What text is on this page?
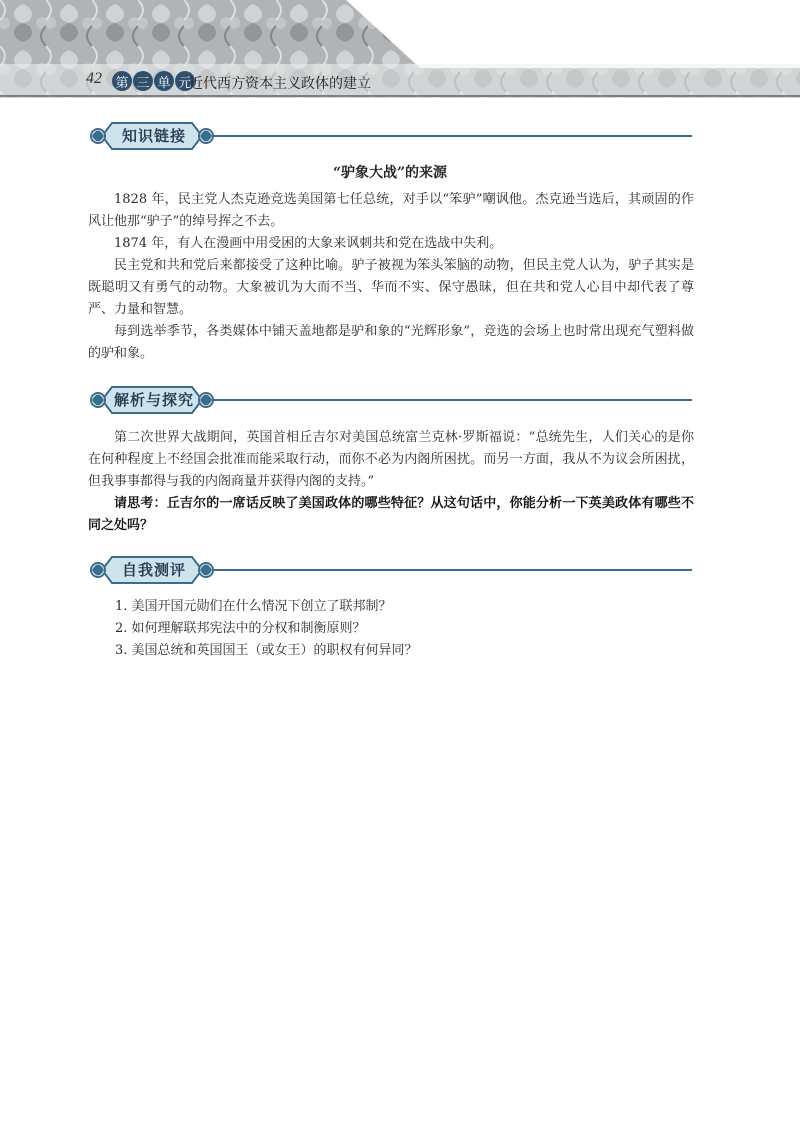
42 第 三 单 元
近代西方资本主义政体的建立
知识链接
“驴象大战”的来源

1828 年，民主党人杰克逊竞选美国第七任总统，对手以“笨驴”嘲讽他。杰克逊当选后，其顽固的作风让他那“驴子”的绰号挥之不去。

1874 年，有人在漫画中用受困的大象来讽刺共和党在选战中失利。

民主党和共和党后来都接受了这种比喻。驴子被视为笨头笨脑的动物，但民主党人认为，驴子其实是既聪明又有勇气的动物。大象被讥为大而不当、华而不实、保守愚昧，但在共和党人心目中却代表了尊严、力量和智慧。

每到选举季节，各类媒体中铺天盖地都是驴和象的“光辉形象”，竞选的会场上也时常出现充气塑料做的驴和象。

解析与探究

第二次世界大战期间，英国首相丘吉尔对美国总统富兰克林·罗斯福说：“总统先生，人们关心的是你在何种程度上不经国会批准而能采取行动，而你不必为内阁所困扰。而另一方面，我从不为议会所困扰，但我事事都得与我的内阁商量并获得内阁的支持。”

请思考：丘吉尔的一席话反映了美国政体的哪些特征？从这句话中，你能分析一下英美政体有哪些不同之处吗？

自我测评
1. 美国开国元勋们在什么情况下创立了联邦制？
2. 如何理解联邦宪法中的分权和制衡原则？
3. 美国总统和英国国王（或女王）的职权有何异同？
